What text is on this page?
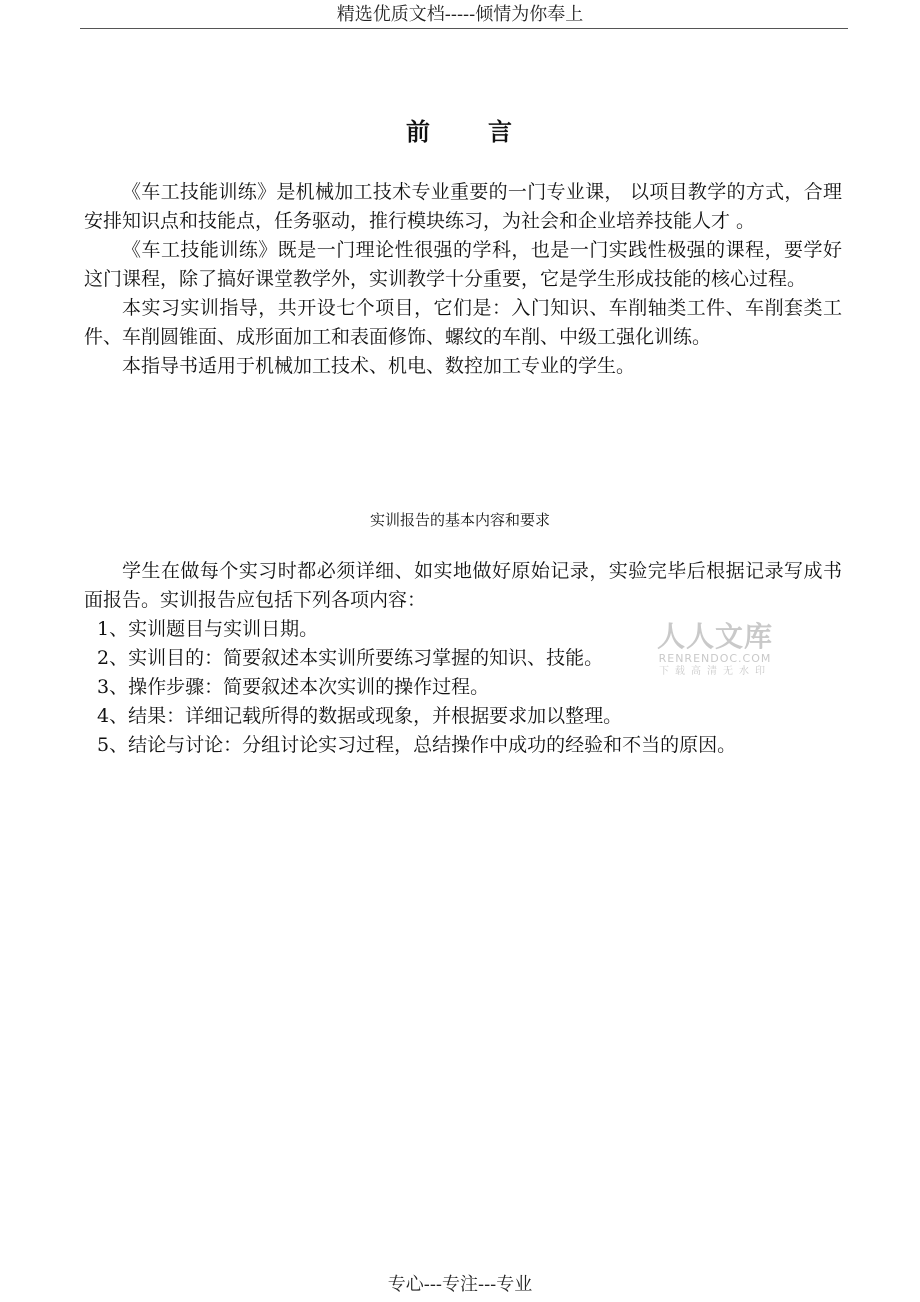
精选优质文档-----倾情为你奉上
前 言

《车工技能训练》是机械加工技术专业重要的一门专业课， 以项目教学的方式，合理安排知识点和技能点，任务驱动，推行模块练习，为社会和企业培养技能人才 。

《车工技能训练》既是一门理论性很强的学科，也是一门实践性极强的课程，要学好这门课程，除了搞好课堂教学外，实训教学十分重要，它是学生形成技能的核心过程。

本实习实训指导，共开设七个项目，它们是：入门知识、车削轴类工件、车削套类工件、车削圆锥面、成形面加工和表面修饰、螺纹的车削、中级工强化训练。

本指导书适用于机械加工技术、机电、数控加工专业的学生。

实训报告的基本内容和要求

学生在做每个实习时都必须详细、如实地做好原始记录，实验完毕后根据记录写成书面报告。实训报告应包括下列各项内容：

1、实训题目与实训日期。
2、实训目的：简要叙述本实训所要练习掌握的知识、技能。
3、操作步骤：简要叙述本次实训的操作过程。
4、结果：详细记载所得的数据或现象，并根据要求加以整理。
5、结论与讨论：分组讨论实习过程，总结操作中成功的经验和不当的原因。
人人文库
RENRENDOC.COM
下载高清无水印
专心---专注---专业
